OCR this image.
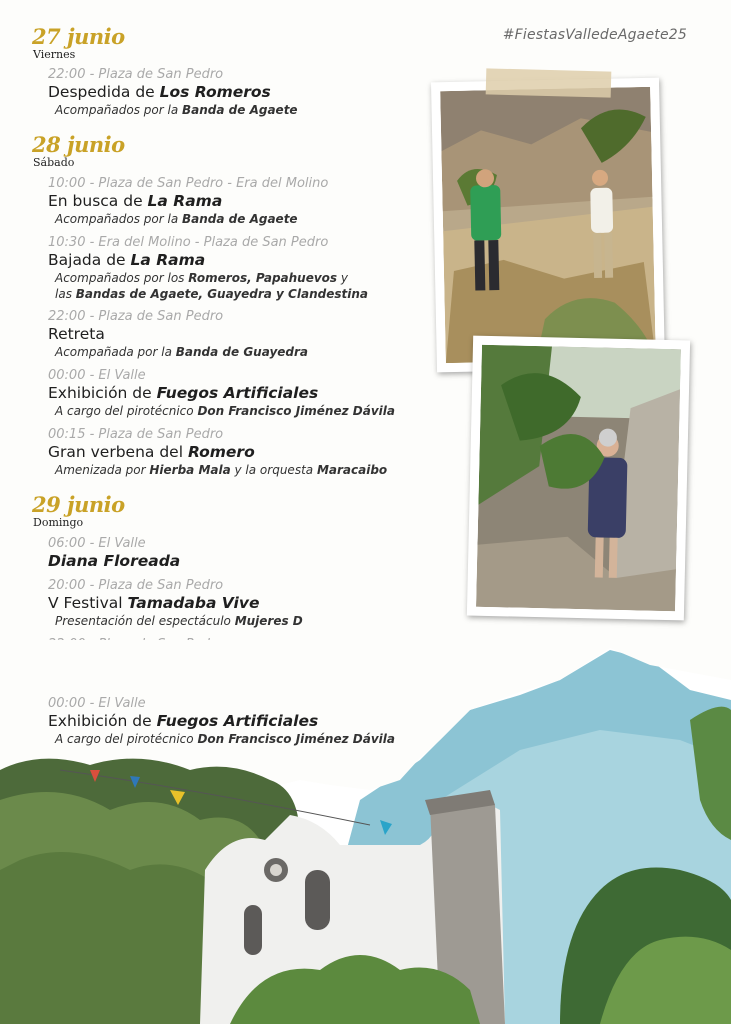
#FiestasValledeAgaete25
27 junio
Viernes
22:00 - Plaza de San Pedro
Despedida de Los Romeros
Acompañados por la Banda de Agaete
28 junio
Sábado
10:00 - Plaza de San Pedro - Era del Molino
En busca de La Rama
Acompañados por la Banda de Agaete
10:30 - Era del Molino - Plaza de San Pedro
Bajada de La Rama
Acompañados por los Romeros, Papahuevos y
las Bandas de Agaete, Guayedra y Clandestina
22:00 - Plaza de San Pedro
Retreta
Acompañada por la Banda de Guayedra
00:00 - El Valle
Exhibición de Fuegos Artificiales
A cargo del pirotécnico Don Francisco Jiménez Dávila
00:15 - Plaza de San Pedro
Gran verbena del Romero
Amenizada por Hierba Mala y la orquesta Maracaibo
29 junio
Domingo
06:00 - El Valle
Diana Floreada
20:00 - Plaza de San Pedro
V Festival Tamadaba Vive
Presentación del espectáculo Mujeres D
00:00 - El Valle
Exhibición de Fuegos Artificiales
A cargo del pirotécnico Don Francisco Jiménez Dávila
